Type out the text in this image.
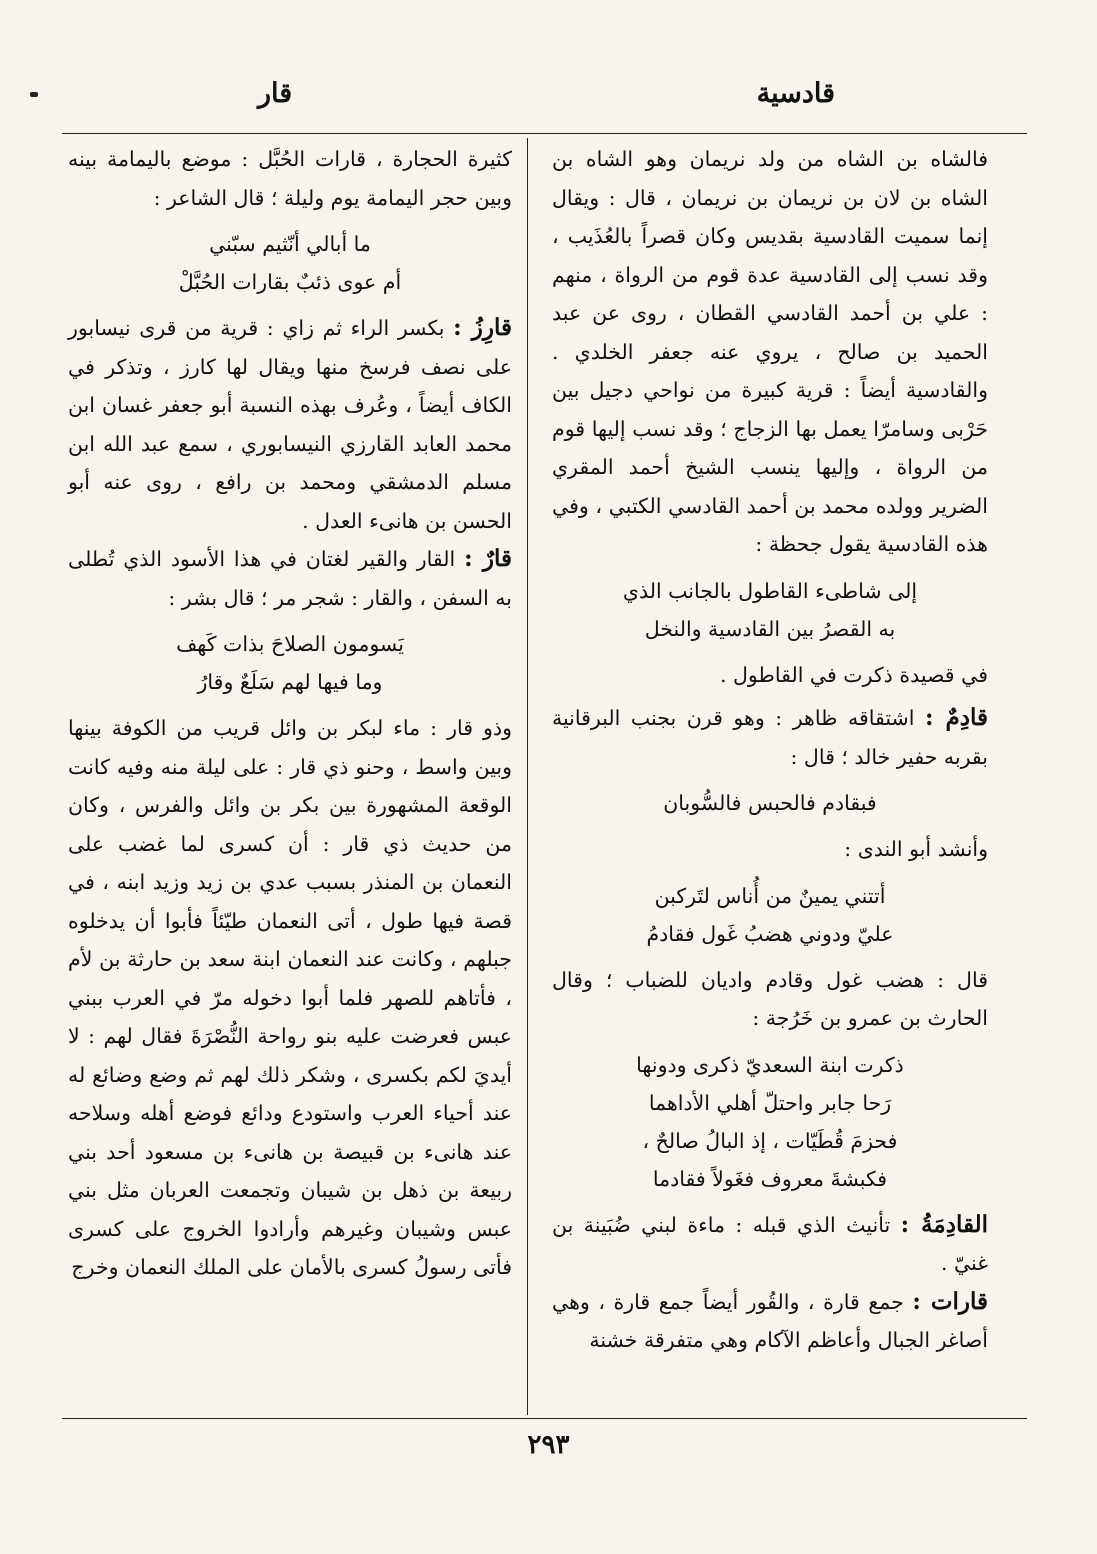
قادسية
قار

فالشاه بن الشاه من ولد نريمان وهو الشاه بن الشاه بن لان بن نريمان بن نريمان ، قال : ويقال إنما سميت القادسية بقديس وكان قصراً بالعُذَيب ، وقد نسب إلى القادسية عدة قوم من الرواة ، منهم : علي بن أحمد القادسي القطان ، روى عن عبد الحميد بن صالح ، يروي عنه جعفر الخلدي . والقادسية أيضاً : قرية كبيرة من نواحي دجيل بين حَرْبى وسامرّا يعمل بها الزجاج ؛ وقد نسب إليها قوم من الرواة ، وإليها ينسب الشيخ أحمد المقري الضرير وولده محمد بن أحمد القادسي الكتبي ، وفي هذه القادسية يقول جحظة :

إلى شاطىء القاطول بالجانب الذي
به القصرُ بين القادسية والنخل

في قصيدة ذكرت في القاطول .

قادِمٌ : اشتقاقه ظاهر : وهو قرن بجنب البرقانية بقربه حفير خالد ؛ قال :

فبقادم فالحبس فالسُّوبان

وأنشد أبو الندى :

أتتني يمينٌ من أُناس لتَركبن
عليّ ودوني هضبُ غَول فقادمُ

قال : هضب غول وقادم واديان للضباب ؛ وقال الحارث بن عمرو بن خَرُجة :

ذكرت ابنة السعديّ ذكرى ودونها
رَحا جابر واحتلّ أهلي الأداهما
فحزمَ قُطَيّات ، إذ البالُ صالحٌ ،
فكبشةَ معروف فغَولاً فقادما

القادِمَةُ : تأنيث الذي قبله : ماءة لبني ضُبَينة بن غنيّ .

قارات : جمع قارة ، والقُور أيضاً جمع قارة ، وهي أصاغر الجبال وأعاظم الآكام وهي متفرقة خشنة

كثيرة الحجارة ، قارات الحُبَّل : موضع باليمامة بينه وبين حجر اليمامة يوم وليلة ؛ قال الشاعر :

ما أبالي أنّثيم سبّني
أم عوى ذئبٌ بقارات الحُبَّلْ

قارِزُ : بكسر الراء ثم زاي : قرية من قرى نيسابور على نصف فرسخ منها ويقال لها كارز ، وتذكر في الكاف أيضاً ، وعُرف بهذه النسبة أبو جعفر غسان ابن محمد العابد القارزي النيسابوري ، سمع عبد الله ابن مسلم الدمشقي ومحمد بن رافع ، روى عنه أبو الحسن بن هانىء العدل .

قارٌ : القار والقير لغتان في هذا الأسود الذي تُطلى به السفن ، والقار : شجر مر ؛ قال بشر :

يَسومون الصلاحَ بذات كَهف
وما فيها لهم سَلَعٌ وقارُ

وذو قار : ماء لبكر بن وائل قريب من الكوفة بينها وبين واسط ، وحنو ذي قار : على ليلة منه وفيه كانت الوقعة المشهورة بين بكر بن وائل والفرس ، وكان من حديث ذي قار : أن كسرى لما غضب على النعمان بن المنذر بسبب عدي بن زيد وزيد ابنه ، في قصة فيها طول ، أتى النعمان طيّئاً فأبوا أن يدخلوه جبلهم ، وكانت عند النعمان ابنة سعد بن حارثة بن لأم ، فأتاهم للصهر فلما أبوا دخوله مرّ في العرب ببني عبس فعرضت عليه بنو رواحة النُّصْرَةَ فقال لهم : لا أيديَ لكم بكسرى ، وشكر ذلك لهم ثم وضع وضائع له عند أحياء العرب واستودع ودائع فوضع أهله وسلاحه عند هانىء بن قبيصة بن هانىء بن مسعود أحد بني ربيعة بن ذهل بن شيبان وتجمعت العربان مثل بني عبس وشيبان وغيرهم وأرادوا الخروج على كسرى فأتى رسولُ كسرى بالأمان على الملك النعمان وخرج

٢٩٣
